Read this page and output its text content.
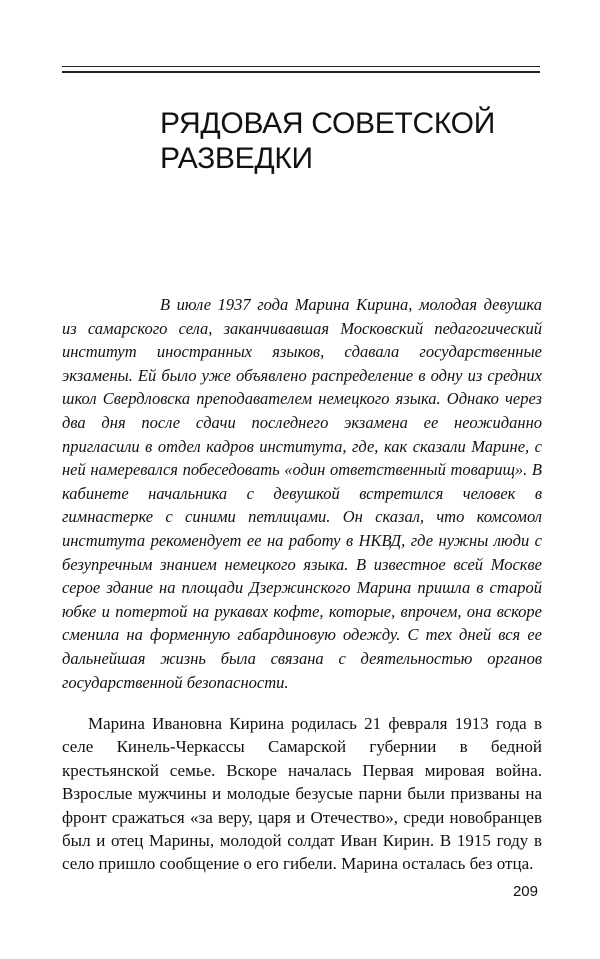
РЯДОВАЯ СОВЕТСКОЙ
РАЗВЕДКИ

В июле 1937 года Марина Кирина, молодая девушка из самарского села, заканчивавшая Московский педагогический институт иностранных языков, сдавала государственные экзамены. Ей было уже объявлено распределение в одну из средних школ Свердловска преподавателем немецкого языка. Однако через два дня после сдачи последнего экзамена ее неожиданно пригласили в отдел кадров института, где, как сказали Марине, с ней намеревался побеседовать «один ответственный товарищ». В кабинете начальника с девушкой встретился человек в гимнастерке с синими петлицами. Он сказал, что комсомол института рекомендует ее на работу в НКВД, где нужны люди с безупречным знанием немецкого языка. В известное всей Москве серое здание на площади Дзержинского Марина пришла в старой юбке и потертой на рукавах кофте, которые, впрочем, она вскоре сменила на форменную габардиновую одежду. С тех дней вся ее дальнейшая жизнь была связана с деятельностью органов государственной безопасности.

Марина Ивановна Кирина родилась 21 февраля 1913 года в селе Кинель-Черкассы Самарской губернии в бедной крестьянской семье. Вскоре началась Первая мировая война. Взрослые мужчины и молодые безусые парни были призваны на фронт сражаться «за веру, царя и Отечество», среди новобранцев был и отец Марины, молодой солдат Иван Кирин. В 1915 году в село пришло сообщение о его гибели. Марина осталась без отца.

209
